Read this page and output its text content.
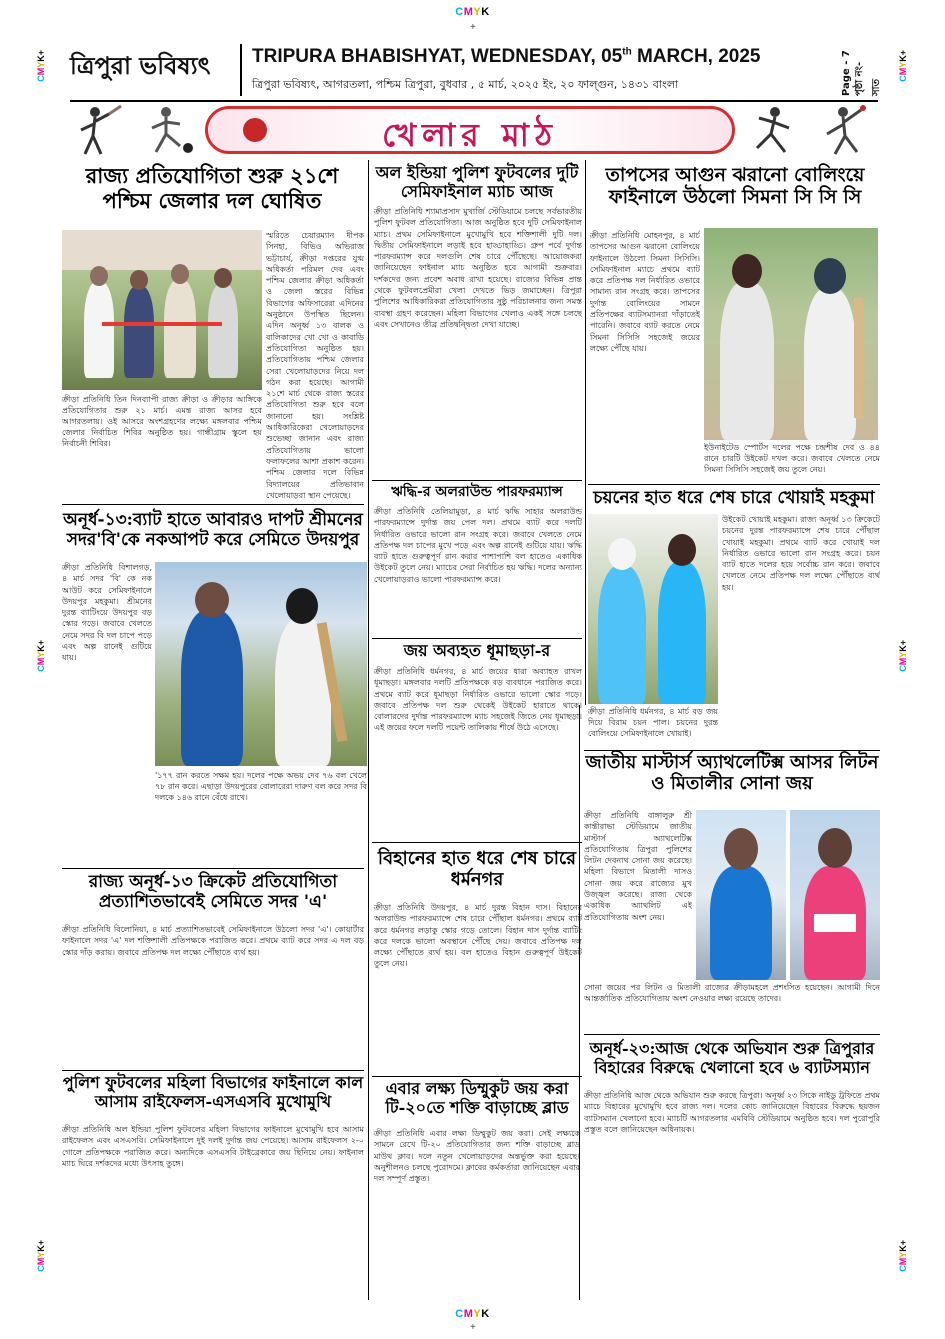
CMYK
+
CMYK
+
CMYK+
CMYK+
CMYK+
CMYK+
CMYK+
CMYK+
ত্রিপুরা ভবিষ্যৎ TRIPURA BHABISHYAT, WEDNESDAY, 05th MARCH, 2025
ত্রিপুরা ভবিষ্যৎ, আগরতলা, পশ্চিম ত্রিপুরা, বুধবার , ৫ মার্চ, ২০২৫ ইং, ২০ ফাল্গুন, ১৪৩১ বাংলা	Page - 7 পৃষ্ঠা নং- সাত
খেলার মাঠ
রাজ্য প্রতিযোগিতা শুরু ২১শে পশ্চিম জেলার দল ঘোষিত
স্মরিতে চেয়ারম্যান দীপক সিনহা, বিভিও অভিরাজ ভট্টাচার্য, ক্রীড়া দপ্তরের যুগ্ম অধিকর্তা পরিমল দেব এবং পশ্চিম জেলার ক্রীড়া অধিকর্তা ও জেলা স্তরের বিভিন্ন বিভাগের অফিসারেরা এদিনের অনুষ্ঠানে উপস্থিত ছিলেন। এদিন অনূর্ধ্ব ১৩ বালক ও বালিকাদের খো খো ও কাবাডি প্রতিযোগিতা অনুষ্ঠিত হয়। প্রতিযোগিতায় পশ্চিম জেলার সেরা খেলোয়াড়দের নিয়ে দল গঠন করা হয়েছে। আগামী ২১শে মার্চ থেকে রাজ্য স্তরের প্রতিযোগিতা শুরু হবে বলে জানানো হয়। সংশ্লিষ্ট আধিকারিকেরা খেলোয়াড়দের শুভেচ্ছা জানান এবং রাজ্য প্রতিযোগিতায় ভালো ফলাফলের আশা প্রকাশ করেন। পশ্চিম জেলার দলে বিভিন্ন বিদ্যালয়ের প্রতিভাবান খেলোয়াড়রা স্থান পেয়েছে।
ক্রীড়া প্রতিনিধি তিন দিনব্যাপী রাজ্য ক্রীড়া ও ক্রীড়ার আঙ্গিকে প্রতিযোগিতার শুরু ২১ মার্চ। এমন্ত রাজ্য আসর হবে আগরতলায়। ওই আসরে অংশগ্রহণের লক্ষ্যে মঙ্গলবার পশ্চিম জেলার নির্বাচিত শিবির অনুষ্ঠিত হয়। গান্ধীগ্রাম স্কুলে হয় নির্বাচনী শিবির।
অনূর্ধ-১৩:ব্যাট হাতে আবারও দাপট শ্রীমনের সদর'বি'কে নকআপট করে সেমিতে উদয়পুর
ক্রীড়া প্রতিনিধি বিশালগড়, ৪ মার্চ সদর 'বি' কে নক আউট করে সেমিফাইনালে উদয়পুর মহকুমা। শ্রীমনের দুরন্ত ব্যাটিংয়ে উদয়পুর বড় স্কোর গড়ে। জবাবে খেলতে নেমে সদর বি দল চাপে পড়ে এবং অল্প রানেই গুটিয়ে যায়।
'১৭৭ রান করতে সক্ষম হয়। দলের পক্ষে অভয় দেব ৭৬ বল খেলে ৭৮ রান করে। এছাড়া উদয়পুরের বোলারেরা দারুণ বল করে সদর বি দলকে ১৪৬ রানে বেঁধে রাখে।
রাজ্য অনূর্ধ-১৩ ক্রিকেট প্রতিযোগিতা প্রত্যাশিতভাবেই সেমিতে সদর 'এ'
ক্রীড়া প্রতিনিধি বিলোনিয়া, ৪ মার্চ প্রত্যাশিতভাবেই সেমিফাইনালে উঠলো সদর 'এ'। কোয়ার্টার ফাইনালে সদর 'এ' দল শক্তিশালী প্রতিপক্ষকে পরাজিত করে। প্রথমে ব্যাট করে সদর এ দল বড় স্কোর দাঁড় করায়। জবাবে প্রতিপক্ষ দল লক্ষ্যে পৌঁছাতে ব্যর্থ হয়।
পুলিশ ফুটবলের মহিলা বিভাগের ফাইনালে কাল আসাম রাইফেলস-এসএসবি মুখোমুখি
ক্রীড়া প্রতিনিধি অল ইন্ডিয়া পুলিশ ফুটবলের মহিলা বিভাগের ফাইনালে মুখোমুখি হবে আসাম রাইফেলস এবং এসএসবি। সেমিফাইনালে দুই দলই দুর্দান্ত জয় পেয়েছে। আসাম রাইফেলস ২-০ গোলে প্রতিপক্ষকে পরাজিত করে। অন্যদিকে এসএসবি টাইব্রেকারে জয় ছিনিয়ে নেয়। ফাইনাল ম্যাচ ঘিরে দর্শকদের মধ্যে উৎসাহ তুঙ্গে।
অল ইন্ডিয়া পুলিশ ফুটবলের দুটি সেমিফাইনাল ম্যাচ আজ
ক্রীড়া প্রতিনিধি শ্যামাপ্রসাদ মুখার্জি স্টেডিয়ামে চলছে সর্বভারতীয় পুলিশ ফুটবল প্রতিযোগিতা। আজ অনুষ্ঠিত হবে দুটি সেমিফাইনাল ম্যাচ। প্রথম সেমিফাইনালে মুখোমুখি হবে শক্তিশালী দুটি দল। দ্বিতীয় সেমিফাইনালে লড়াই হবে হাড্ডাহাড্ডি। গ্রুপ পর্বে দুর্দান্ত পারফরম্যান্স করে দলগুলি শেষ চারে পৌঁছেছে। আয়োজকরা জানিয়েছেন ফাইনাল ম্যাচ অনুষ্ঠিত হবে আগামী শুক্রবার। দর্শকদের জন্য প্রবেশ অবাধ রাখা হয়েছে। রাজ্যের বিভিন্ন প্রান্ত থেকে ফুটবলপ্রেমীরা খেলা দেখতে ভিড় জমাচ্ছেন। ত্রিপুরা পুলিশের আধিকারিকরা প্রতিযোগিতার সুষ্ঠু পরিচালনার জন্য সমস্ত ব্যবস্থা গ্রহণ করেছেন। মহিলা বিভাগের খেলাও একই সঙ্গে চলছে এবং সেখানেও তীব্র প্রতিদ্বন্দ্বিতা দেখা যাচ্ছে।
ঋদ্ধি-র অলরাউন্ড পারফরম্যান্স
ক্রীড়া প্রতিনিধি তেলিয়ামুড়া, ৪ মার্চ ঋদ্ধি সাহার অলরাউন্ড পারফরম্যান্সে দুর্দান্ত জয় পেল দল। প্রথমে ব্যাট করে দলটি নির্ধারিত ওভারে ভালো রান সংগ্রহ করে। জবাবে খেলতে নেমে প্রতিপক্ষ দল চাপের মুখে পড়ে এবং অল্প রানেই গুটিয়ে যায়। ঋদ্ধি ব্যাট হাতে গুরুত্বপূর্ণ রান করার পাশাপাশি বল হাতেও একাধিক উইকেট তুলে নেয়। ম্যাচের সেরা নির্বাচিত হয় ঋদ্ধি। দলের অন্যান্য খেলোয়াড়রাও ভালো পারফরম্যান্স করে।
জয় অব্যহত ধূমাছড়া-র
ক্রীড়া প্রতিনিধি ধর্মনগর, ৪ মার্চ জয়ের ধারা অব্যাহত রাখল ধূমাছড়া। মঙ্গলবার দলটি প্রতিপক্ষকে বড় ব্যবধানে পরাজিত করে। প্রথমে ব্যাট করে ধূমাছড়া নির্ধারিত ওভারে ভালো স্কোর গড়ে। জবাবে প্রতিপক্ষ দল শুরু থেকেই উইকেট হারাতে থাকে। বোলারদের দুর্দান্ত পারফরম্যান্সে ম্যাচ সহজেই জিতে নেয় ধূমাছড়া। এই জয়ের ফলে দলটি পয়েন্ট তালিকায় শীর্ষে উঠে এসেছে।
বিহানের হাত ধরে শেষ চারে ধর্মনগর
ক্রীড়া প্রতিনিধি উদয়পুর, ৪ মার্চ দুরন্ত বিহান দাস। বিহানের অলরাউন্ড পারফরম্যান্সে শেষ চারে পৌঁছাল ধর্মনগর। প্রথমে ব্যাট করে ধর্মনগর লড়াকু স্কোর গড়ে তোলে। বিহান দাস দুর্দান্ত ব্যাটিং করে দলকে ভালো অবস্থানে পৌঁছে দেয়। জবাবে প্রতিপক্ষ দল লক্ষ্যে পৌঁছাতে ব্যর্থ হয়। বল হাতেও বিহান গুরুত্বপূর্ণ উইকেট তুলে নেয়।
এবার লক্ষ্য ডিম্মুকুট জয় করা টি-২০তে শক্তি বাড়াচ্ছে ব্লাড
ক্রীড়া প্রতিনিধি এবার লক্ষ্য ডিম্মুকুট জয় করা। সেই লক্ষ্যকে সামনে রেখে টি-২০ প্রতিযোগিতার জন্য শক্তি বাড়াচ্ছে ব্লাড মাউথ ক্লাব। দলে নতুন খেলোয়াড়দের অন্তর্ভুক্ত করা হয়েছে। অনুশীলনও চলছে পুরোদমে। ক্লাবের কর্মকর্তারা জানিয়েছেন এবার দল সম্পূর্ণ প্রস্তুত।
তাপসের আগুন ঝরানো বোলিংয়ে ফাইনালে উঠলো সিমনা সি সি সি
ক্রীড়া প্রতিনিধি মোহনপুর, ৪ মার্চ তাপসের আগুন ঝরানো বোলিংয়ে ফাইনালে উঠলো সিমনা সিসিসি। সেমিফাইনাল ম্যাচে প্রথমে ব্যাট করে প্রতিপক্ষ দল নির্ধারিত ওভারে সামান্য রান সংগ্রহ করে। তাপসের দুর্দান্ত বোলিংয়ের সামনে প্রতিপক্ষের ব্যাটসম্যানরা দাঁড়াতেই পারেনি। জবাবে ব্যাট করতে নেমে সিমনা সিসিসি সহজেই জয়ের লক্ষ্যে পৌঁছে যায়।
ইউনাইটেড স্পোর্টস দলের পক্ষে চন্দ্রশীষ দেব ও ৪৪ রানে চারটি উইকেট দখল করে। জবাবে খেলতে নেমে সিমনা সিসিসি সহজেই জয় তুলে নেয়।
চয়নের হাত ধরে শেষ চারে খোয়াই মহকুমা
উইকেট খোয়াই মহকুমা। রাজ্য অনূর্ধ্ব ১৩ ক্রিকেটে চয়নের দুরন্ত পারফরম্যান্সে শেষ চারে পৌঁছাল খোয়াই মহকুমা। প্রথমে ব্যাট করে খোয়াই দল নির্ধারিত ওভারে ভালো রান সংগ্রহ করে। চয়ন ব্যাট হাতে দলের হয়ে সর্বোচ্চ রান করে। জবাবে খেলতে নেমে প্রতিপক্ষ দল লক্ষ্যে পৌঁছাতে ব্যর্থ হয়।
ক্রীড়া প্রতিনিধি ধর্মনগর, ৪ মার্চ বড় জয় দিয়ে বিরাম চয়ন পাল। চয়নের দুরন্ত বোলিংয়ে সেমিফাইনালে খোয়াই।
জাতীয় মাস্টার্স অ্যাথলেটিক্স আসর লিটন ও মিতালীর সোনা জয়
ক্রীড়া প্রতিনিধি বাঙ্গালুরু শ্রী কান্তীরাভা স্টেডিয়ামে জাতীয় মাস্টার্স অ্যাথলেটিক্স প্রতিযোগিতায় ত্রিপুরা পুলিশের লিটন দেবনাথ সোনা জয় করেছে। মহিলা বিভাগে মিতালী দাসও সোনা জয় করে রাজ্যের মুখ উজ্জ্বল করেছে। রাজ্য থেকে একাধিক অ্যাথলিট এই প্রতিযোগিতায় অংশ নেয়।
সোনা জয়ের পর লিটন ও মিতালী রাজ্যের ক্রীড়ামহলে প্রশংসিত হয়েছেন। আগামী দিনে আন্তর্জাতিক প্রতিযোগিতায় অংশ নেওয়ার লক্ষ্য রয়েছে তাদের।
অনূর্ধ-২৩:আজ থেকে অভিযান শুরু ত্রিপুরার বিহারের বিরুদ্ধে খেলানো হবে ৬ ব্যাটসম্যান
ক্রীড়া প্রতিনিধি আজ থেকে অভিযান শুরু করছে ত্রিপুরা। অনূর্ধ্ব ২৩ সিকে নাইডু ট্রফিতে প্রথম ম্যাচে বিহারের মুখোমুখি হবে রাজ্য দল। দলের কোচ জানিয়েছেন বিহারের বিরুদ্ধে ছয়জন ব্যাটসম্যান খেলানো হবে। ম্যাচটি আগরতলার এমবিবি স্টেডিয়ামে অনুষ্ঠিত হবে। দল পুরোপুরি প্রস্তুত বলে জানিয়েছেন অধিনায়ক।
